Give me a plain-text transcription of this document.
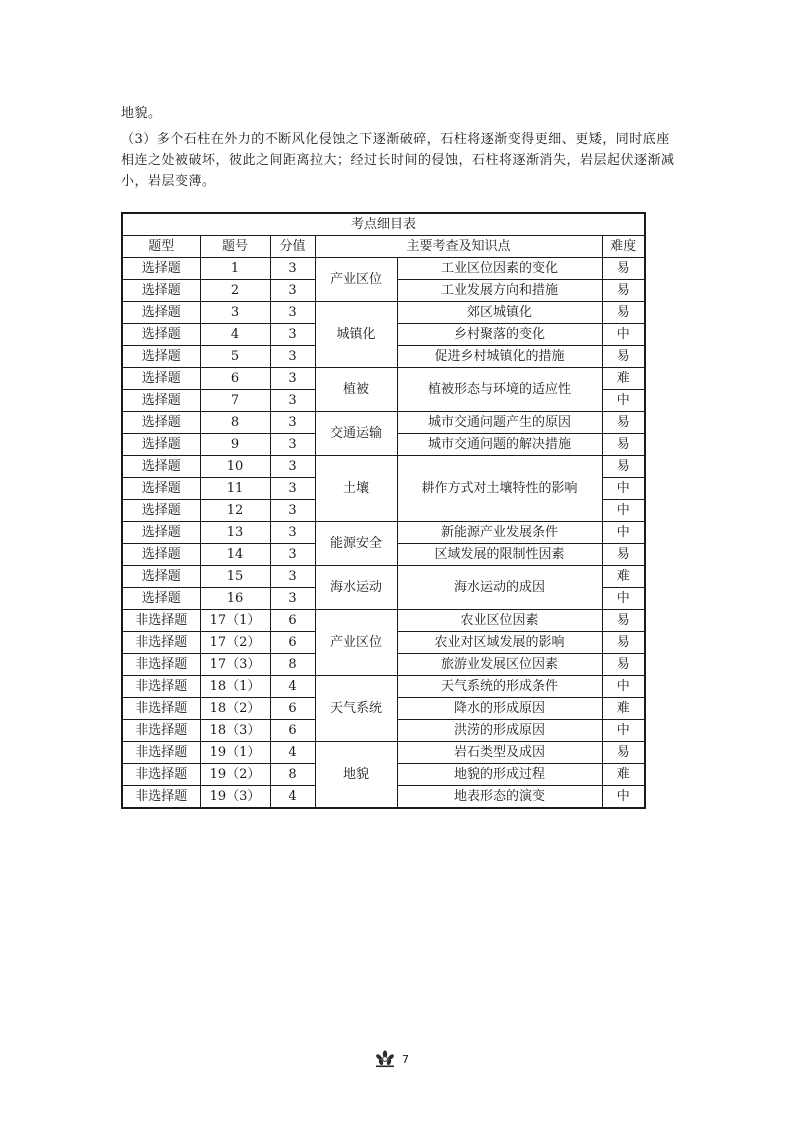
地貌。

（3）多个石柱在外力的不断风化侵蚀之下逐渐破碎，石柱将逐渐变得更细、更矮，同时底座相连之处被破坏，彼此之间距离拉大；经过长时间的侵蚀，石柱将逐渐消失，岩层起伏逐渐减小，岩层变薄。

考点细目表					
题型	题号	分值	主要考查及知识点		难度
选择题	1	3	产业区位	工业区位因素的变化	易
选择题	2	3		工业发展方向和措施	易
选择题	3	3	城镇化	郊区城镇化	易
选择题	4	3		乡村聚落的变化	中
选择题	5	3		促进乡村城镇化的措施	易
选择题	6	3	植被	植被形态与环境的适应性	难
选择题	7	3			中
选择题	8	3	交通运输	城市交通问题产生的原因	易
选择题	9	3		城市交通问题的解决措施	易
选择题	10	3	土壤	耕作方式对土壤特性的影响	易
选择题	11	3			中
选择题	12	3			中
选择题	13	3	能源安全	新能源产业发展条件	中
选择题	14	3		区域发展的限制性因素	易
选择题	15	3	海水运动	海水运动的成因	难
选择题	16	3			中
非选择题	17（1）	6	产业区位	农业区位因素	易
非选择题	17（2）	6		农业对区域发展的影响	易
非选择题	17（3）	8		旅游业发展区位因素	易
非选择题	18（1）	4	天气系统	天气系统的形成条件	中
非选择题	18（2）	6		降水的形成原因	难
非选择题	18（3）	6		洪涝的形成原因	中
非选择题	19（1）	4	地貌	岩石类型及成因	易
非选择题	19（2）	8		地貌的形成过程	难
非选择题	19（3）	4		地表形态的演变	中
7
